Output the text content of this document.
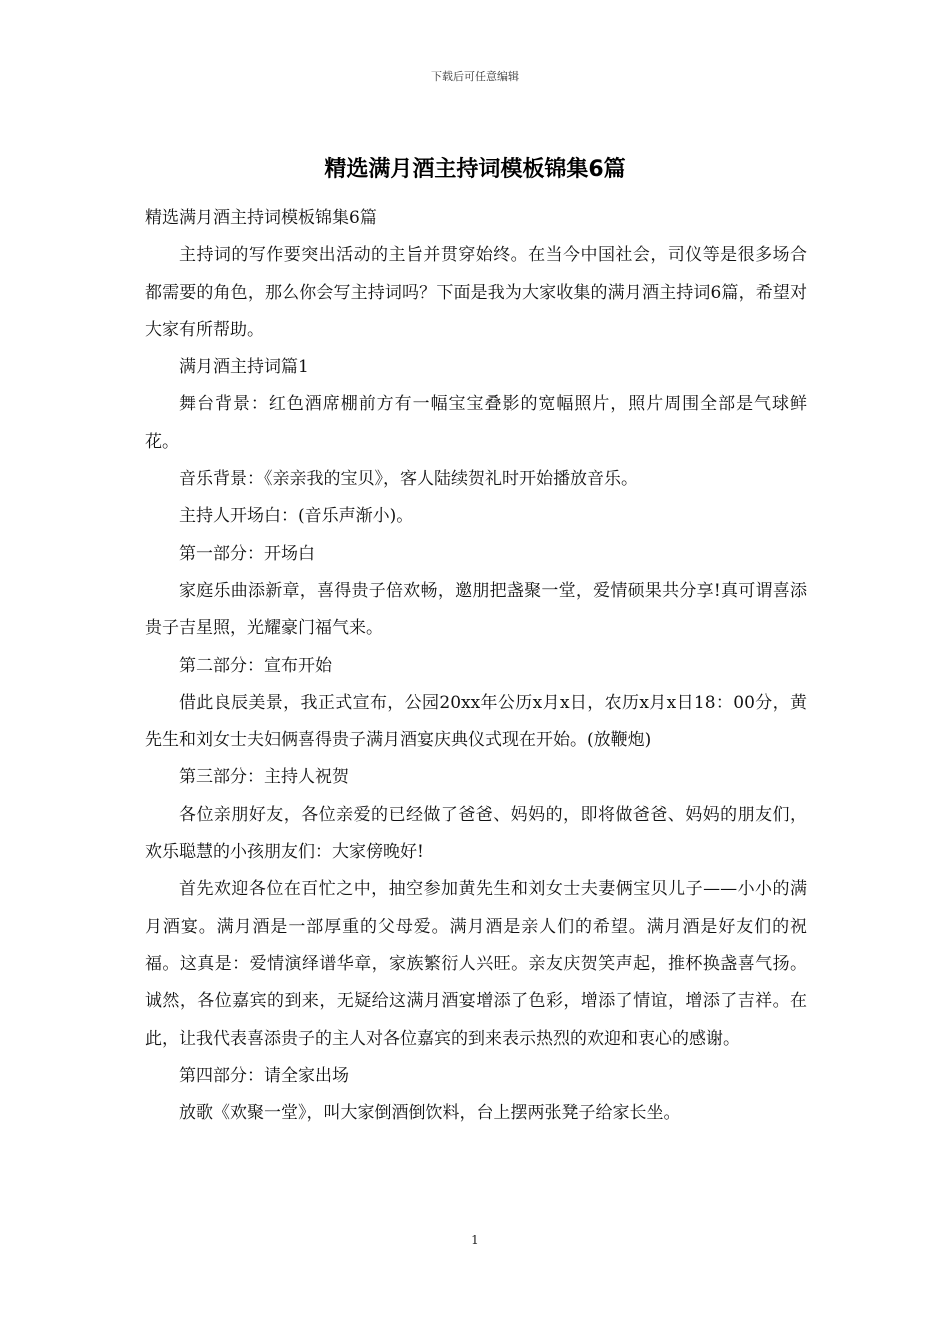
下载后可任意编辑
精选满月酒主持词模板锦集6篇

精选满月酒主持词模板锦集6篇

主持词的写作要突出活动的主旨并贯穿始终。在当今中国社会，司仪等是很多场合都需要的角色，那么你会写主持词吗？下面是我为大家收集的满月酒主持词6篇，希望对大家有所帮助。

满月酒主持词篇1

舞台背景：红色酒席棚前方有一幅宝宝叠影的宽幅照片，照片周围全部是气球鲜花。

音乐背景：《亲亲我的宝贝》，客人陆续贺礼时开始播放音乐。

主持人开场白：(音乐声渐小)。

第一部分：开场白

家庭乐曲添新章，喜得贵子倍欢畅，邀朋把盏聚一堂，爱情硕果共分享!真可谓喜添贵子吉星照，光耀豪门福气来。

第二部分：宣布开始

借此良辰美景，我正式宣布，公园20xx年公历x月x日，农历x月x日18：00分，黄先生和刘女士夫妇俩喜得贵子满月酒宴庆典仪式现在开始。(放鞭炮)

第三部分：主持人祝贺

各位亲朋好友，各位亲爱的已经做了爸爸、妈妈的，即将做爸爸、妈妈的朋友们，欢乐聪慧的小孩朋友们：大家傍晚好!

首先欢迎各位在百忙之中，抽空参加黄先生和刘女士夫妻俩宝贝儿子——小小的满月酒宴。满月酒是一部厚重的父母爱。满月酒是亲人们的希望。满月酒是好友们的祝福。这真是：爱情演绎谱华章，家族繁衍人兴旺。亲友庆贺笑声起，推杯换盏喜气扬。诚然，各位嘉宾的到来，无疑给这满月酒宴增添了色彩，增添了情谊，增添了吉祥。在此，让我代表喜添贵子的主人对各位嘉宾的到来表示热烈的欢迎和衷心的感谢。

第四部分：请全家出场

放歌《欢聚一堂》，叫大家倒酒倒饮料，台上摆两张凳子给家长坐。

1
